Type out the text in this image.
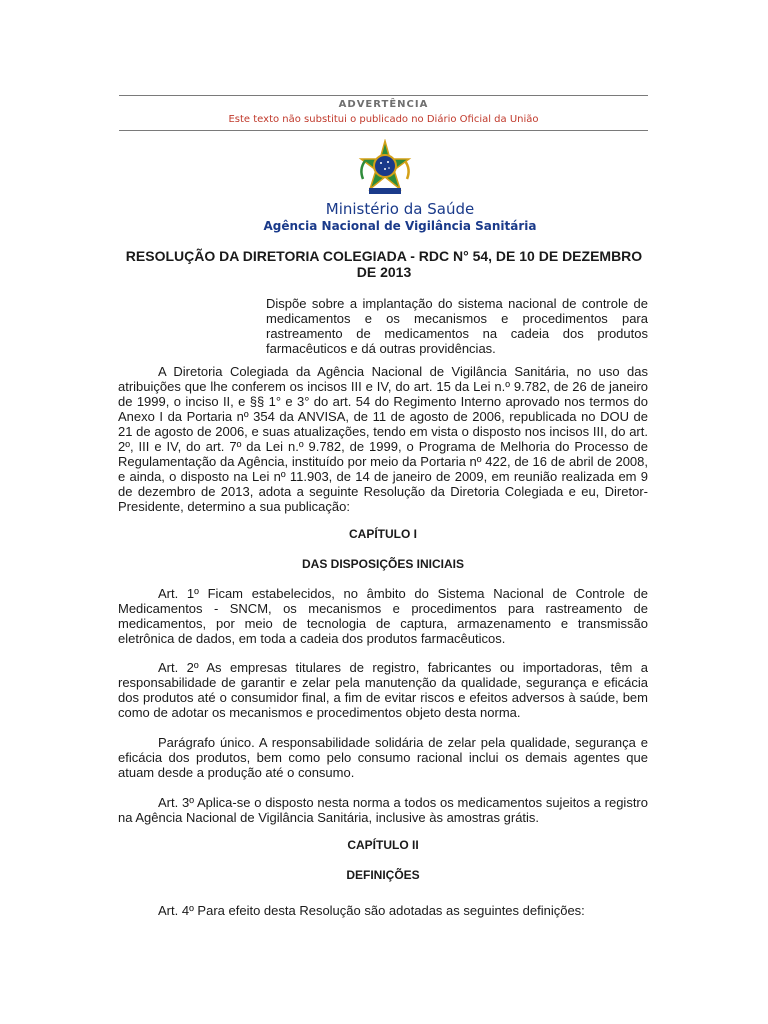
ADVERTÊNCIA
Este texto não substitui o publicado no Diário Oficial da União
Ministério da Saúde
Agência Nacional de Vigilância Sanitária
RESOLUÇÃO DA DIRETORIA COLEGIADA - RDC N° 54, DE 10 DE DEZEMBRO DE 2013
Dispõe sobre a implantação do sistema nacional de controle de medicamentos e os mecanismos e procedimentos para rastreamento de medicamentos na cadeia dos produtos farmacêuticos e dá outras providências.

A Diretoria Colegiada da Agência Nacional de Vigilância Sanitária, no uso das atribuições que lhe conferem os incisos III e IV, do art. 15 da Lei n.º 9.782, de 26 de janeiro de 1999, o inciso II, e §§ 1° e 3° do art. 54 do Regimento Interno aprovado nos termos do Anexo I da Portaria nº 354 da ANVISA, de 11 de agosto de 2006, republicada no DOU de 21 de agosto de 2006, e suas atualizações, tendo em vista o disposto nos incisos III, do art. 2º, III e IV, do art. 7º da Lei n.º 9.782, de 1999, o Programa de Melhoria do Processo de Regulamentação da Agência, instituído por meio da Portaria nº 422, de 16 de abril de 2008, e ainda, o disposto na Lei nº 11.903, de 14 de janeiro de 2009, em reunião realizada em 9 de dezembro de 2013, adota a seguinte Resolução da Diretoria Colegiada e eu, Diretor-Presidente, determino a sua publicação:

CAPÍTULO I
DAS DISPOSIÇÕES INICIAIS

Art. 1º Ficam estabelecidos, no âmbito do Sistema Nacional de Controle de Medicamentos - SNCM, os mecanismos e procedimentos para rastreamento de medicamentos, por meio de tecnologia de captura, armazenamento e transmissão eletrônica de dados, em toda a cadeia dos produtos farmacêuticos.

Art. 2º As empresas titulares de registro, fabricantes ou importadoras, têm a responsabilidade de garantir e zelar pela manutenção da qualidade, segurança e eficácia dos produtos até o consumidor final, a fim de evitar riscos e efeitos adversos à saúde, bem como de adotar os mecanismos e procedimentos objeto desta norma.

Parágrafo único. A responsabilidade solidária de zelar pela qualidade, segurança e eficácia dos produtos, bem como pelo consumo racional inclui os demais agentes que atuam desde a produção até o consumo.

Art. 3º Aplica-se o disposto nesta norma a todos os medicamentos sujeitos a registro na Agência Nacional de Vigilância Sanitária, inclusive às amostras grátis.

CAPÍTULO II
DEFINIÇÕES

Art. 4º Para efeito desta Resolução são adotadas as seguintes definições:
